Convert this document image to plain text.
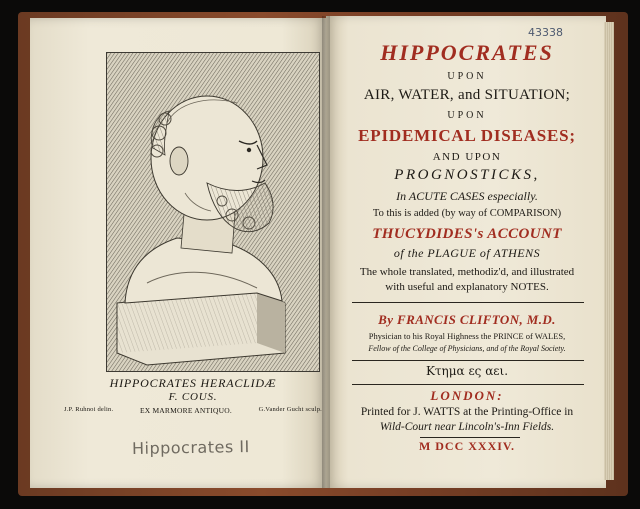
HIPPOCRATES HERACLIDÆ
F. COUS.
J.P. Ruhnoi delin.	EX MARMORE ANTIQUO.	G.Vander Gucht sculp.
Hippocrates II
43338
HIPPOCRATES
UPON
AIR, WATER, and SITUATION;
UPON
EPIDEMICAL DISEASES;
AND UPON
PROGNOSTICKS,
In ACUTE CASES especially.
To this is added (by way of COMPARISON)
THUCYDIDES's ACCOUNT
of the PLAGUE of ATHENS
The whole translated, methodiz'd, and illustrated
with useful and explanatory NOTES.
By FRANCIS CLIFTON, M.D.
Physician to his Royal Highness the PRINCE of WALES,
Fellow of the College of Physicians, and of the Royal Society.
Κτημα ες αει.
LONDON:
Printed for J. WATTS at the Printing-Office in
Wild-Court near Lincoln's-Inn Fields.
M DCC XXXIV.
